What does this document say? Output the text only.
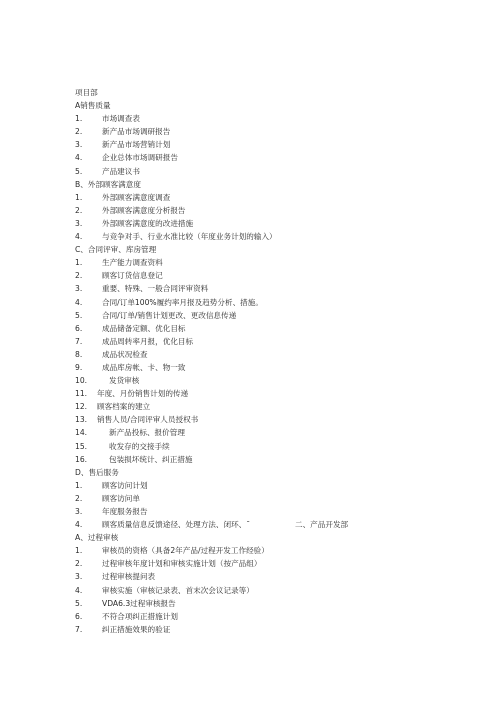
项目部
A销售质量
1.	市场调查表
2.	新产品市场调研报告
3.	新产品市场营销计划
4.	企业总体市场调研报告
5.	产品建议书
B、外部顾客满意度
1.	外部顾客满意度调查
2.	外部顾客满意度分析报告
3.	外部顾客满意度的改进措施
4.	与竞争对手、行业水准比较（年度业务计划的输入）
C、合同评审、库房管理
1.	生产能力调查资料
2.	顾客订货信息登记
3.	重要、特殊、一般合同评审资料
4.	合同/订单100%履约率月报及趋势分析、措施。
5.	合同/订单/销售计划更改、更改信息传递
6.	成品储备定额、优化目标
7.	成品周转率月报，优化目标
8.	成品状况检查
9.	成品库房帐、卡、物一致
10.	发货审核
11. 年度、月份销售计划的传递
12. 顾客档案的建立
13. 销售人员/合同评审人员授权书
14.	新产品投标、报价管理
15.	收发存的交接手续
16.	包装损坏统计、纠正措施
D、售后服务
1.	顾客访问计划
2.	顾客访问单
3.	年度服务报告
4.	顾客质量信息反馈途径、处理方法、闭环、ˉ
A、过程审核
1.	审核员的资格（具备2年产品/过程开发工作经验）
2.	过程审核年度计划和审核实施计划（按产品组）
3.	过程审核提问表
4.	审核实施（审核记录表、首末次会议记录等）
5.	VDA6.3过程审核报告
6.	不符合项纠正措施计划
7.	纠正措施效果的验证
二、产品开发部
